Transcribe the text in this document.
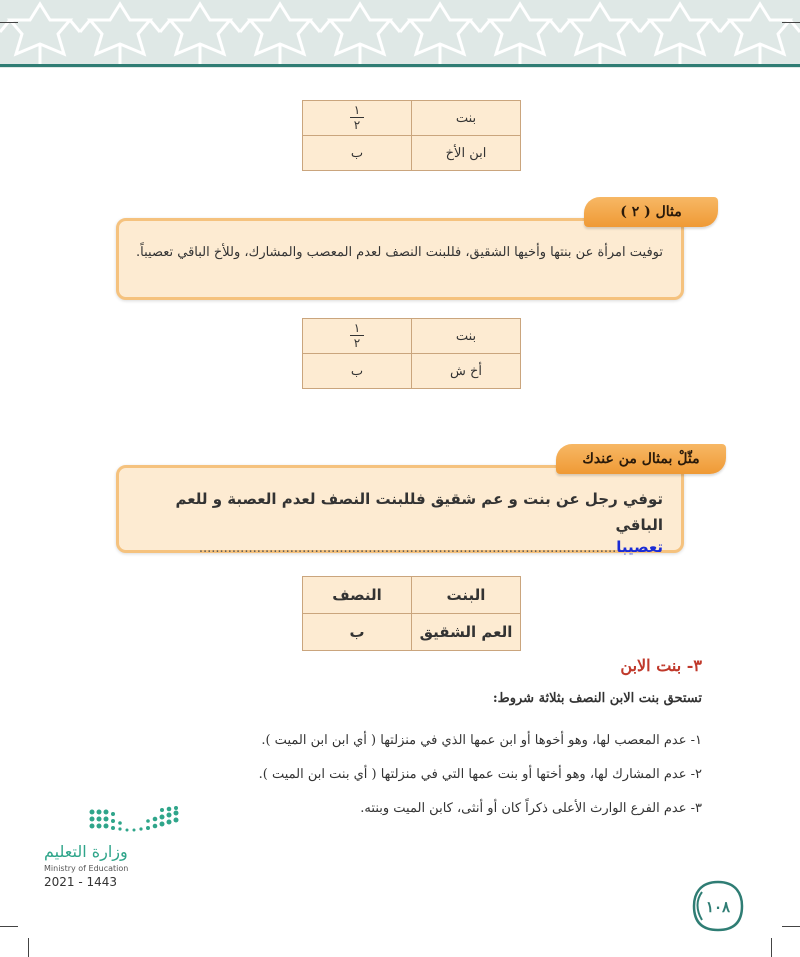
بنت	$\frac{١}{٢}$

ابن الأخ	ب

توفيت امرأة عن بنتها وأخيها الشقيق، فللبنت النصف لعدم المعصب والمشارك، وللأخ الباقي تعصيباً.

مثال ( ٢ )
بنت	$\frac{١}{٢}$

أخ ش	ب

توفي رجل عن بنت و عم شقيق فللبنت النصف لعدم العصبة و للعم الباقي

تعصيبا.....................................................................................................

مثّلْ بمثال من عندك
البنت	النصف
العم الشقيق	ب
٣- بنت الابن
تستحق بنت الابن النصف بثلاثة شروط:
١- عدم المعصب لها، وهو أخوها أو ابن عمها الذي في منزلتها ( أي ابن ابن الميت ).
٢- عدم المشارك لها، وهو أختها أو بنت عمها التي في منزلتها ( أي بنت ابن الميت ).
٣- عدم الفرع الوارث الأعلى ذكراً كان أو أنثى، كابن الميت وبنته.
وزارة التعليم
Ministry of Education
2021 - 1443
١٠٨
